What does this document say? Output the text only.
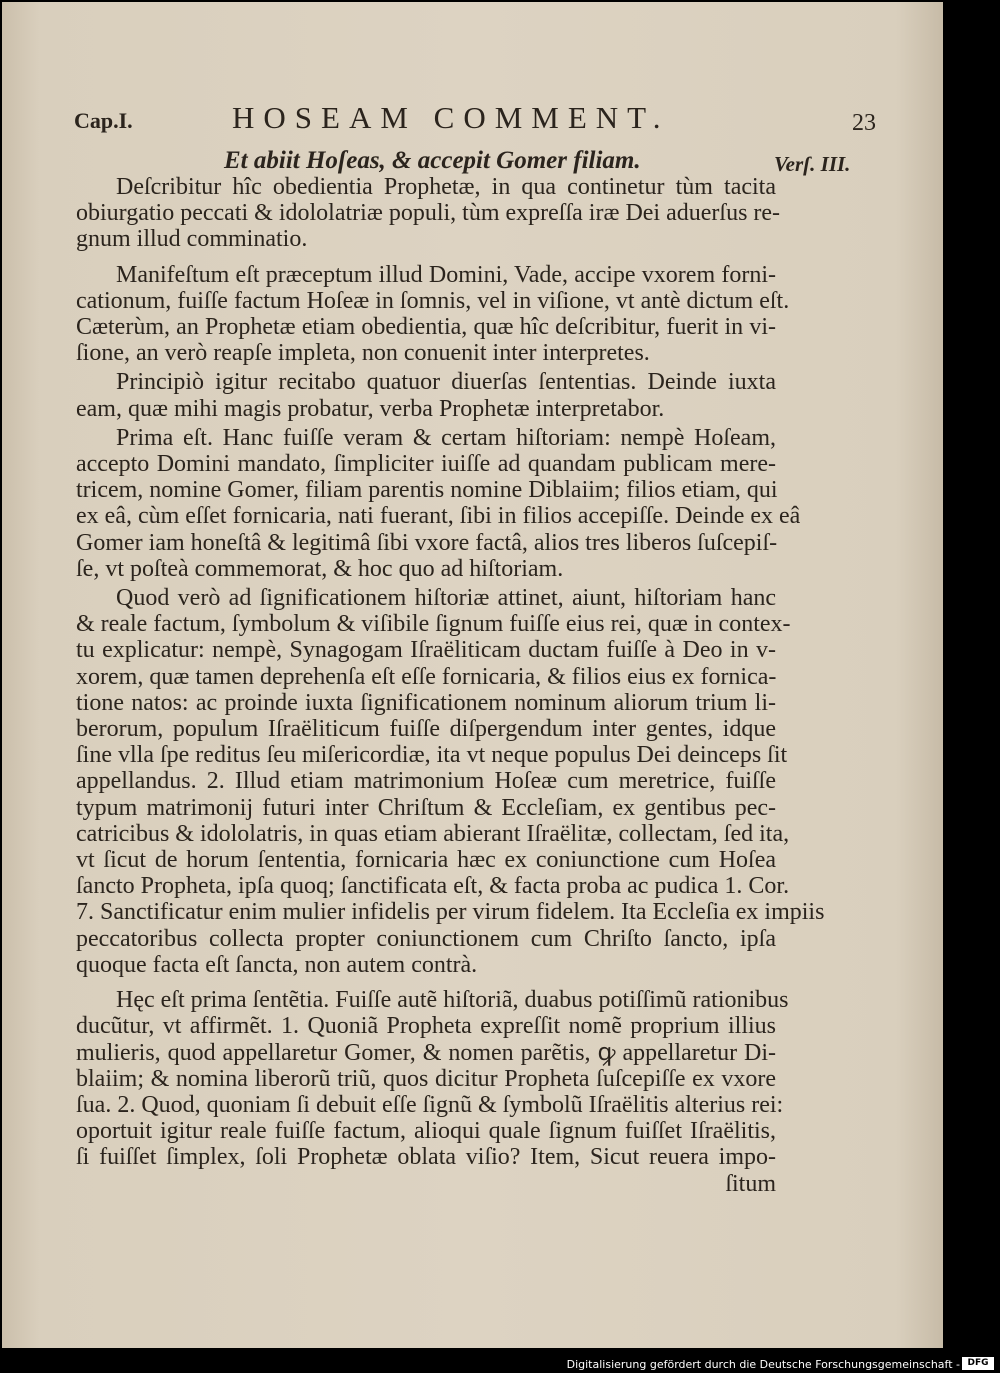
Cap.I.	HOSEAM COMMENT.	23
Et abiit Hoſeas, & accepit Gomer filiam.	Verſ. III.
Deſcribitur hîc obedientia Prophetæ, in qua continetur tùm tacita
obiurgatio peccati & idololatriæ populi, tùm expreſſa iræ Dei aduerſus re-
gnum illud comminatio.
Manifeſtum eſt præceptum illud Domini, Vade, accipe vxorem forni-
cationum, fuiſſe factum Hoſeæ in ſomnis, vel in viſione, vt antè dictum eſt.
Cæterùm, an Prophetæ etiam obedientia, quæ hîc deſcribitur, fuerit in vi-
ſione, an verò reapſe impleta, non conuenit inter interpretes.
Principiò igitur recitabo quatuor diuerſas ſententias. Deinde iuxta
eam, quæ mihi magis probatur, verba Prophetæ interpretabor.
Prima eſt. Hanc fuiſſe veram & certam hiſtoriam: nempè Hoſeam,
accepto Domini mandato, ſimpliciter iuiſſe ad quandam publicam mere-
tricem, nomine Gomer, filiam parentis nomine Diblaiim; filios etiam, qui
ex eâ, cùm eſſet fornicaria, nati fuerant, ſibi in filios accepiſſe. Deinde ex eâ
Gomer iam honeſtâ & legitimâ ſibi vxore factâ, alios tres liberos ſuſcepiſ-
ſe, vt poſteà commemorat, & hoc quo ad hiſtoriam.
Quod verò ad ſignificationem hiſtoriæ attinet, aiunt, hiſtoriam hanc
& reale factum, ſymbolum & viſibile ſignum fuiſſe eius rei, quæ in contex-
tu explicatur: nempè, Synagogam Iſraëliticam ductam fuiſſe à Deo in v-
xorem, quæ tamen deprehenſa eſt eſſe fornicaria, & filios eius ex fornica-
tione natos: ac proinde iuxta ſignificationem nominum aliorum trium li-
berorum, populum Iſraëliticum fuiſſe diſpergendum inter gentes, idque
ſine vlla ſpe reditus ſeu miſericordiæ, ita vt neque populus Dei deinceps ſit
appellandus. 2. Illud etiam matrimonium Hoſeæ cum meretrice, fuiſſe
typum matrimonij futuri inter Chriſtum & Eccleſiam, ex gentibus pec-
catricibus & idololatris, in quas etiam abierant Iſraëlitæ, collectam, ſed ita,
vt ſicut de horum ſententia, fornicaria hæc ex coniunctione cum Hoſea
ſancto Propheta, ipſa quoq; ſanctificata eſt, & facta proba ac pudica 1. Cor.
7. Sanctificatur enim mulier infidelis per virum fidelem. Ita Eccleſia ex impiis
peccatoribus collecta propter coniunctionem cum Chriſto ſancto, ipſa
quoque facta eſt ſancta, non autem contrà.
Hęc eſt prima ſentẽtia. Fuiſſe autẽ hiſtoriã, duabus potiſſimũ rationibus
ducũtur, vt affirmẽt. 1. Quoniã Propheta expreſſit nomẽ proprium illius
mulieris, quod appellaretur Gomer, & nomen parẽtis, ꝙ appellaretur Di-
blaiim; & nomina liberorũ triũ, quos dicitur Propheta ſuſcepiſſe ex vxore
ſua. 2. Quod, quoniam ſi debuit eſſe ſignũ & ſymbolũ Iſraëlitis alterius rei:
oportuit igitur reale fuiſſe factum, alioqui quale ſignum fuiſſet Iſraëlitis,
ſi fuiſſet ſimplex, ſoli Prophetæ oblata viſio? Item, Sicut reuera impo-
ſitum
Digitalisierung gefördert durch die Deutsche Forschungsgemeinschaft - DFG
